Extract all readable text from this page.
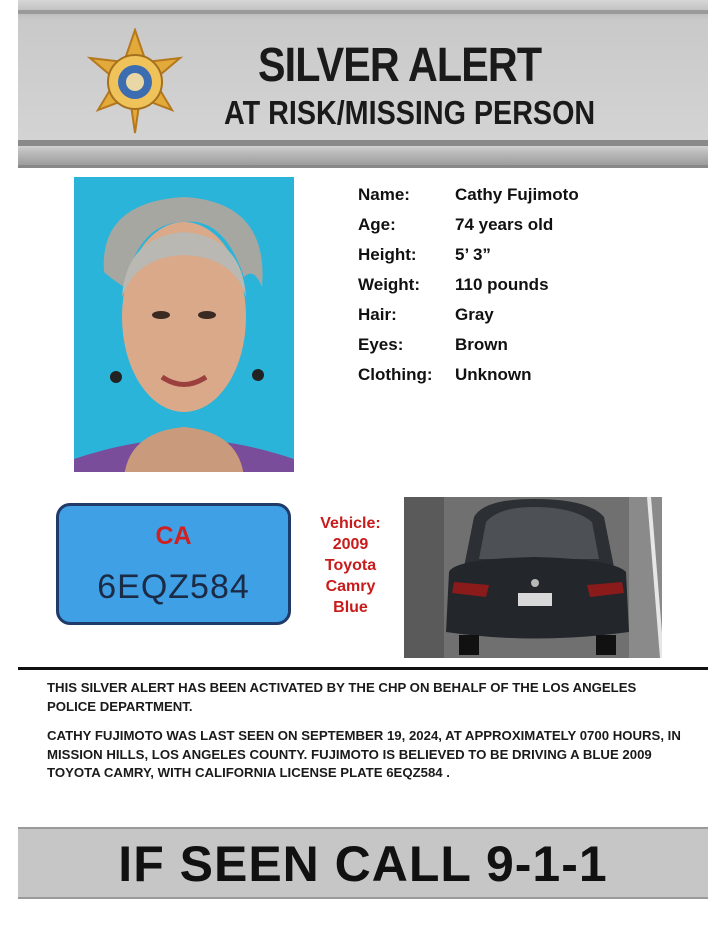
SILVER ALERT
AT RISK/MISSING PERSON
Name:	Cathy Fujimoto
Age:	74 years old
Height:	5’ 3”
Weight:	110 pounds
Hair:	Gray
Eyes:	Brown
Clothing:	Unknown
CA
6EQZ584
Vehicle:
2009
Toyota
Camry
Blue
THIS SILVER ALERT HAS BEEN ACTIVATED BY THE CHP ON BEHALF OF THE LOS ANGELES POLICE DEPARTMENT.
CATHY FUJIMOTO WAS LAST SEEN ON SEPTEMBER 19, 2024, AT APPROXIMATELY 0700 HOURS, IN MISSION HILLS, LOS ANGELES COUNTY. FUJIMOTO IS BELIEVED TO BE DRIVING A BLUE 2009 TOYOTA CAMRY, WITH CALIFORNIA LICENSE PLATE 6EQZ584 .
IF SEEN CALL 9-1-1
